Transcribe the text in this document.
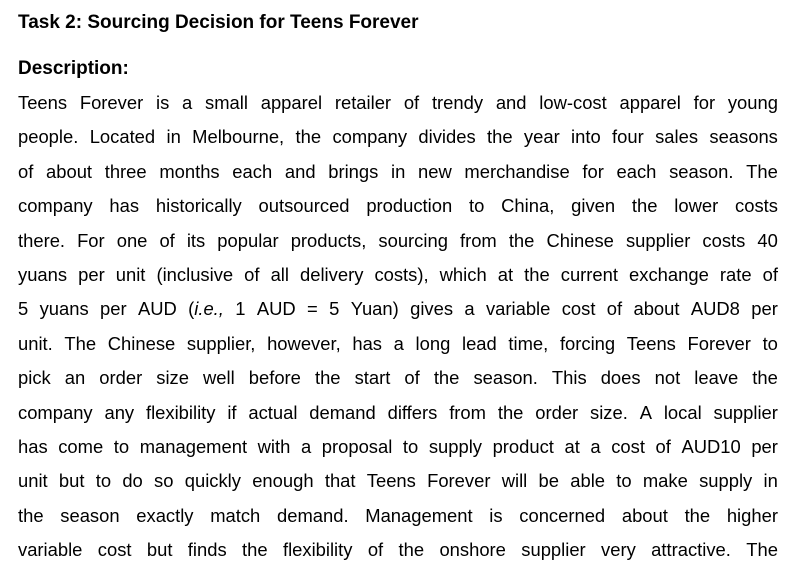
Task 2: Sourcing Decision for Teens Forever
Description:
Teens Forever is a small apparel retailer of trendy and low-cost apparel for young
people. Located in Melbourne, the company divides the year into four sales seasons
of about three months each and brings in new merchandise for each season. The
company has historically outsourced production to China, given the lower costs
there. For one of its popular products, sourcing from the Chinese supplier costs 40
yuans per unit (inclusive of all delivery costs), which at the current exchange rate of
5 yuans per AUD (i.e., 1 AUD = 5 Yuan) gives a variable cost of about AUD8 per
unit. The Chinese supplier, however, has a long lead time, forcing Teens Forever to
pick an order size well before the start of the season. This does not leave the
company any flexibility if actual demand differs from the order size. A local supplier
has come to management with a proposal to supply product at a cost of AUD10 per
unit but to do so quickly enough that Teens Forever will be able to make supply in
the season exactly match demand. Management is concerned about the higher
variable cost but finds the flexibility of the onshore supplier very attractive. The
